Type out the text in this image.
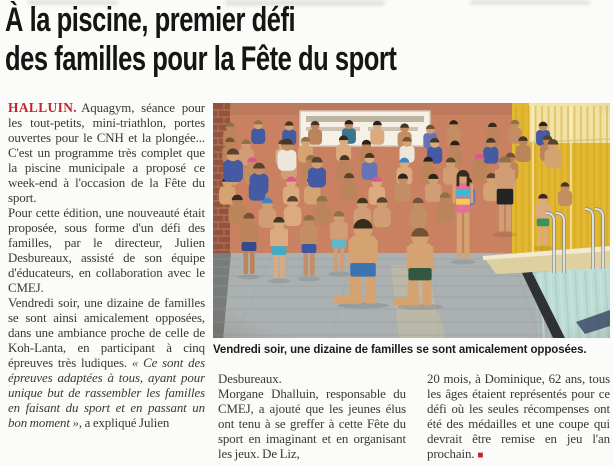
À la piscine, premier défi
des familles pour la Fête du sport

HALLUIN. Aquagym, séance pour les tout-petits, mini-triathlon, portes ouvertes pour le CNH et la plongée... C'est un programme très complet que la piscine municipale a proposé ce week-end à l'occasion de la Fête du sport.

Pour cette édition, une nouveauté était proposée, sous forme d'un défi des familles, par le directeur, Julien Desbureaux, assisté de son équipe d'éducateurs, en collaboration avec le CMEJ.

Vendredi soir, une dizaine de familles se sont ainsi amicalement opposées, dans une ambiance proche de celle de Koh-Lanta, en participant à cinq épreuves très ludiques. « Ce sont des épreuves adaptées à tous, ayant pour unique but de rassembler les familles en faisant du sport et en passant un bon moment », a expliqué Julien

Vendredi soir, une dizaine de familles se sont amicalement opposées.

Desbureaux.

Morgane Dhalluin, responsable du CMEJ, a ajouté que les jeunes élus ont tenu à se greffer à cette Fête du sport en imaginant et en organisant les jeux. De Liz,

20 mois, à Dominique, 62 ans, tous les âges étaient représentés pour ce défi où les seules récompenses ont été des médailles et une coupe qui devrait être remise en jeu l'an prochain. ■
